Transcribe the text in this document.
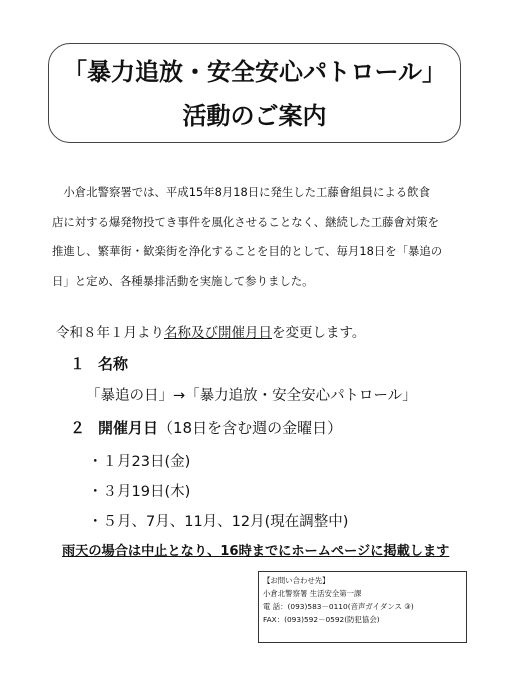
「暴力追放・安全安心パトロール」
活動のご案内

　小倉北警察署では、平成15年8月18日に発生した工藤會組員による飲食

店に対する爆発物投てき事件を風化させることなく、継続した工藤會対策を

推進し、繁華街・歓楽街を浄化することを目的として、毎月18日を「暴追の

日」と定め、各種暴排活動を実施して参りました。

令和８年１月より名称及び開催月日を変更します。
１ 名称
「暴追の日」→「暴力追放・安全安心パトロール」
２ 開催月日（18日を含む週の金曜日）
・１月23日(金)
・３月19日(木)
・５月、7月、11月、12月(現在調整中)
雨天の場合は中止となり、16時までにホームページに掲載します
【お問い合わせ先】
小倉北警察署 生活安全第一課
電 話：(093)583－0110(音声ガイダンス ③)
FAX：(093)592－0592(防犯協会)
